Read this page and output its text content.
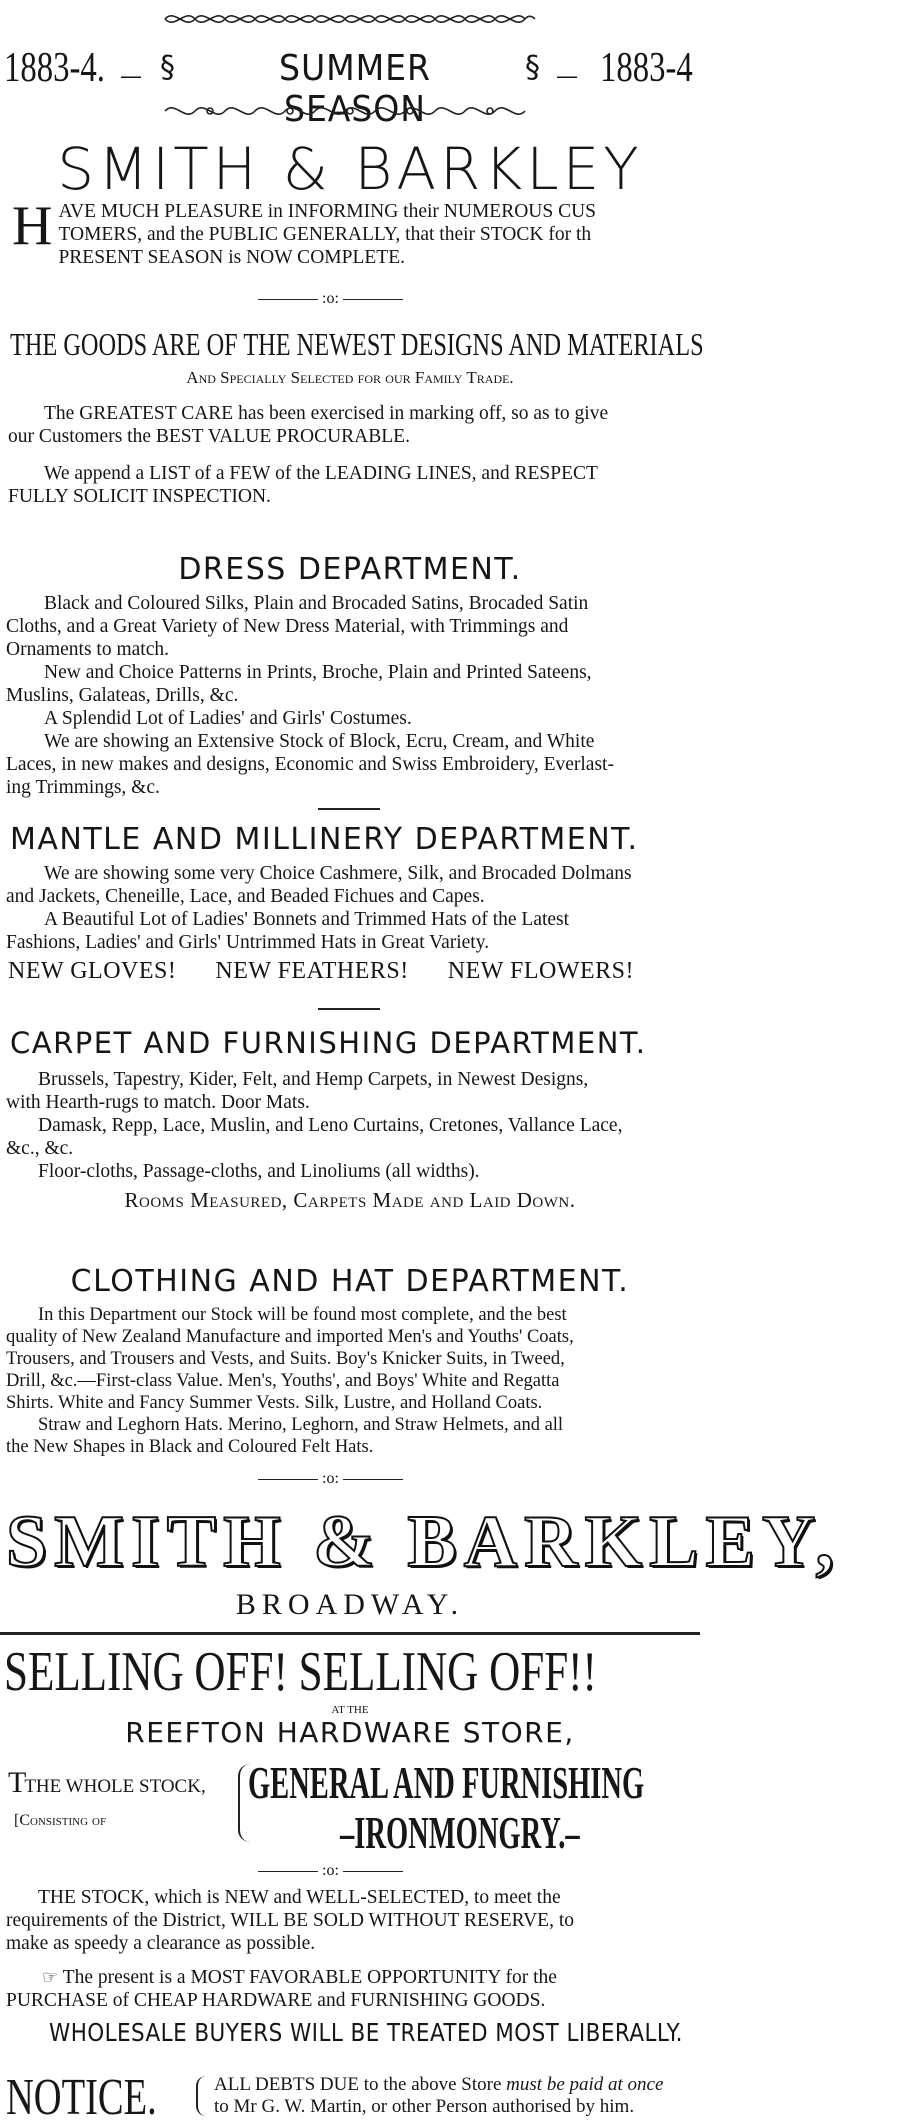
1883-4. — §	SUMMER SEASON
§ — 1883-4
SMITH & BARKLEY
H AVE MUCH PLEASURE in INFORMING their NUMEROUS CUS
TOMERS, and the PUBLIC GENERALLY, that their STOCK for th
PRESENT SEASON is NOW COMPLETE.
:o:
THE GOODS ARE OF THE NEWEST DESIGNS AND MATERIALS
And Specially Selected for our Family Trade.
The GREATEST CARE has been exercised in marking off, so as to give
our Customers the BEST VALUE PROCURABLE.
We append a LIST of a FEW of the LEADING LINES, and RESPECT
FULLY SOLICIT INSPECTION.
DRESS DEPARTMENT.
Black and Coloured Silks, Plain and Brocaded Satins, Brocaded Satin
Cloths, and a Great Variety of New Dress Material, with Trimmings and
Ornaments to match.
New and Choice Patterns in Prints, Broche, Plain and Printed Sateens,
Muslins, Galateas, Drills, &c.
A Splendid Lot of Ladies' and Girls' Costumes.
We are showing an Extensive Stock of Block, Ecru, Cream, and White
Laces, in new makes and designs, Economic and Swiss Embroidery, Everlast-
ing Trimmings, &c.
MANTLE AND MILLINERY DEPARTMENT.
We are showing some very Choice Cashmere, Silk, and Brocaded Dolmans
and Jackets, Cheneille, Lace, and Beaded Fichues and Capes.
A Beautiful Lot of Ladies' Bonnets and Trimmed Hats of the Latest
Fashions, Ladies' and Girls' Untrimmed Hats in Great Variety.
NEW GLOVES! NEW FEATHERS! NEW FLOWERS!
CARPET AND FURNISHING DEPARTMENT.
Brussels, Tapestry, Kider, Felt, and Hemp Carpets, in Newest Designs,
with Hearth-rugs to match. Door Mats.
Damask, Repp, Lace, Muslin, and Leno Curtains, Cretones, Vallance Lace,
&c., &c.
Floor-cloths, Passage-cloths, and Linoliums (all widths).
Rooms Measured, Carpets Made and Laid Down.
CLOTHING AND HAT DEPARTMENT.
In this Department our Stock will be found most complete, and the best
quality of New Zealand Manufacture and imported Men's and Youths' Coats,
Trousers, and Trousers and Vests, and Suits. Boy's Knicker Suits, in Tweed,
Drill, &c.—First-class Value. Men's, Youths', and Boys' White and Regatta
Shirts. White and Fancy Summer Vests. Silk, Lustre, and Holland Coats.
Straw and Leghorn Hats. Merino, Leghorn, and Straw Helmets, and all
the New Shapes in Black and Coloured Felt Hats.
:o:
SMITH & BARKLEY,
BROADWAY.
SELLING OFF! SELLING OFF!!
AT THE
REEFTON HARDWARE STORE,
TTHE WHOLE STOCK,
[Consisting of
GENERAL AND FURNISHING
–IRONMONGRY.–
:o:
THE STOCK, which is NEW and WELL-SELECTED, to meet the
requirements of the District, WILL BE SOLD WITHOUT RESERVE, to
make as speedy a clearance as possible.
☞ The present is a MOST FAVORABLE OPPORTUNITY for the
PURCHASE of CHEAP HARDWARE and FURNISHING GOODS.
WHOLESALE BUYERS WILL BE TREATED MOST LIBERALLY.
NOTICE.	ALL DEBTS DUE to the above Store must be paid at once
to Mr G. W. Martin, or other Person authorised by him.
